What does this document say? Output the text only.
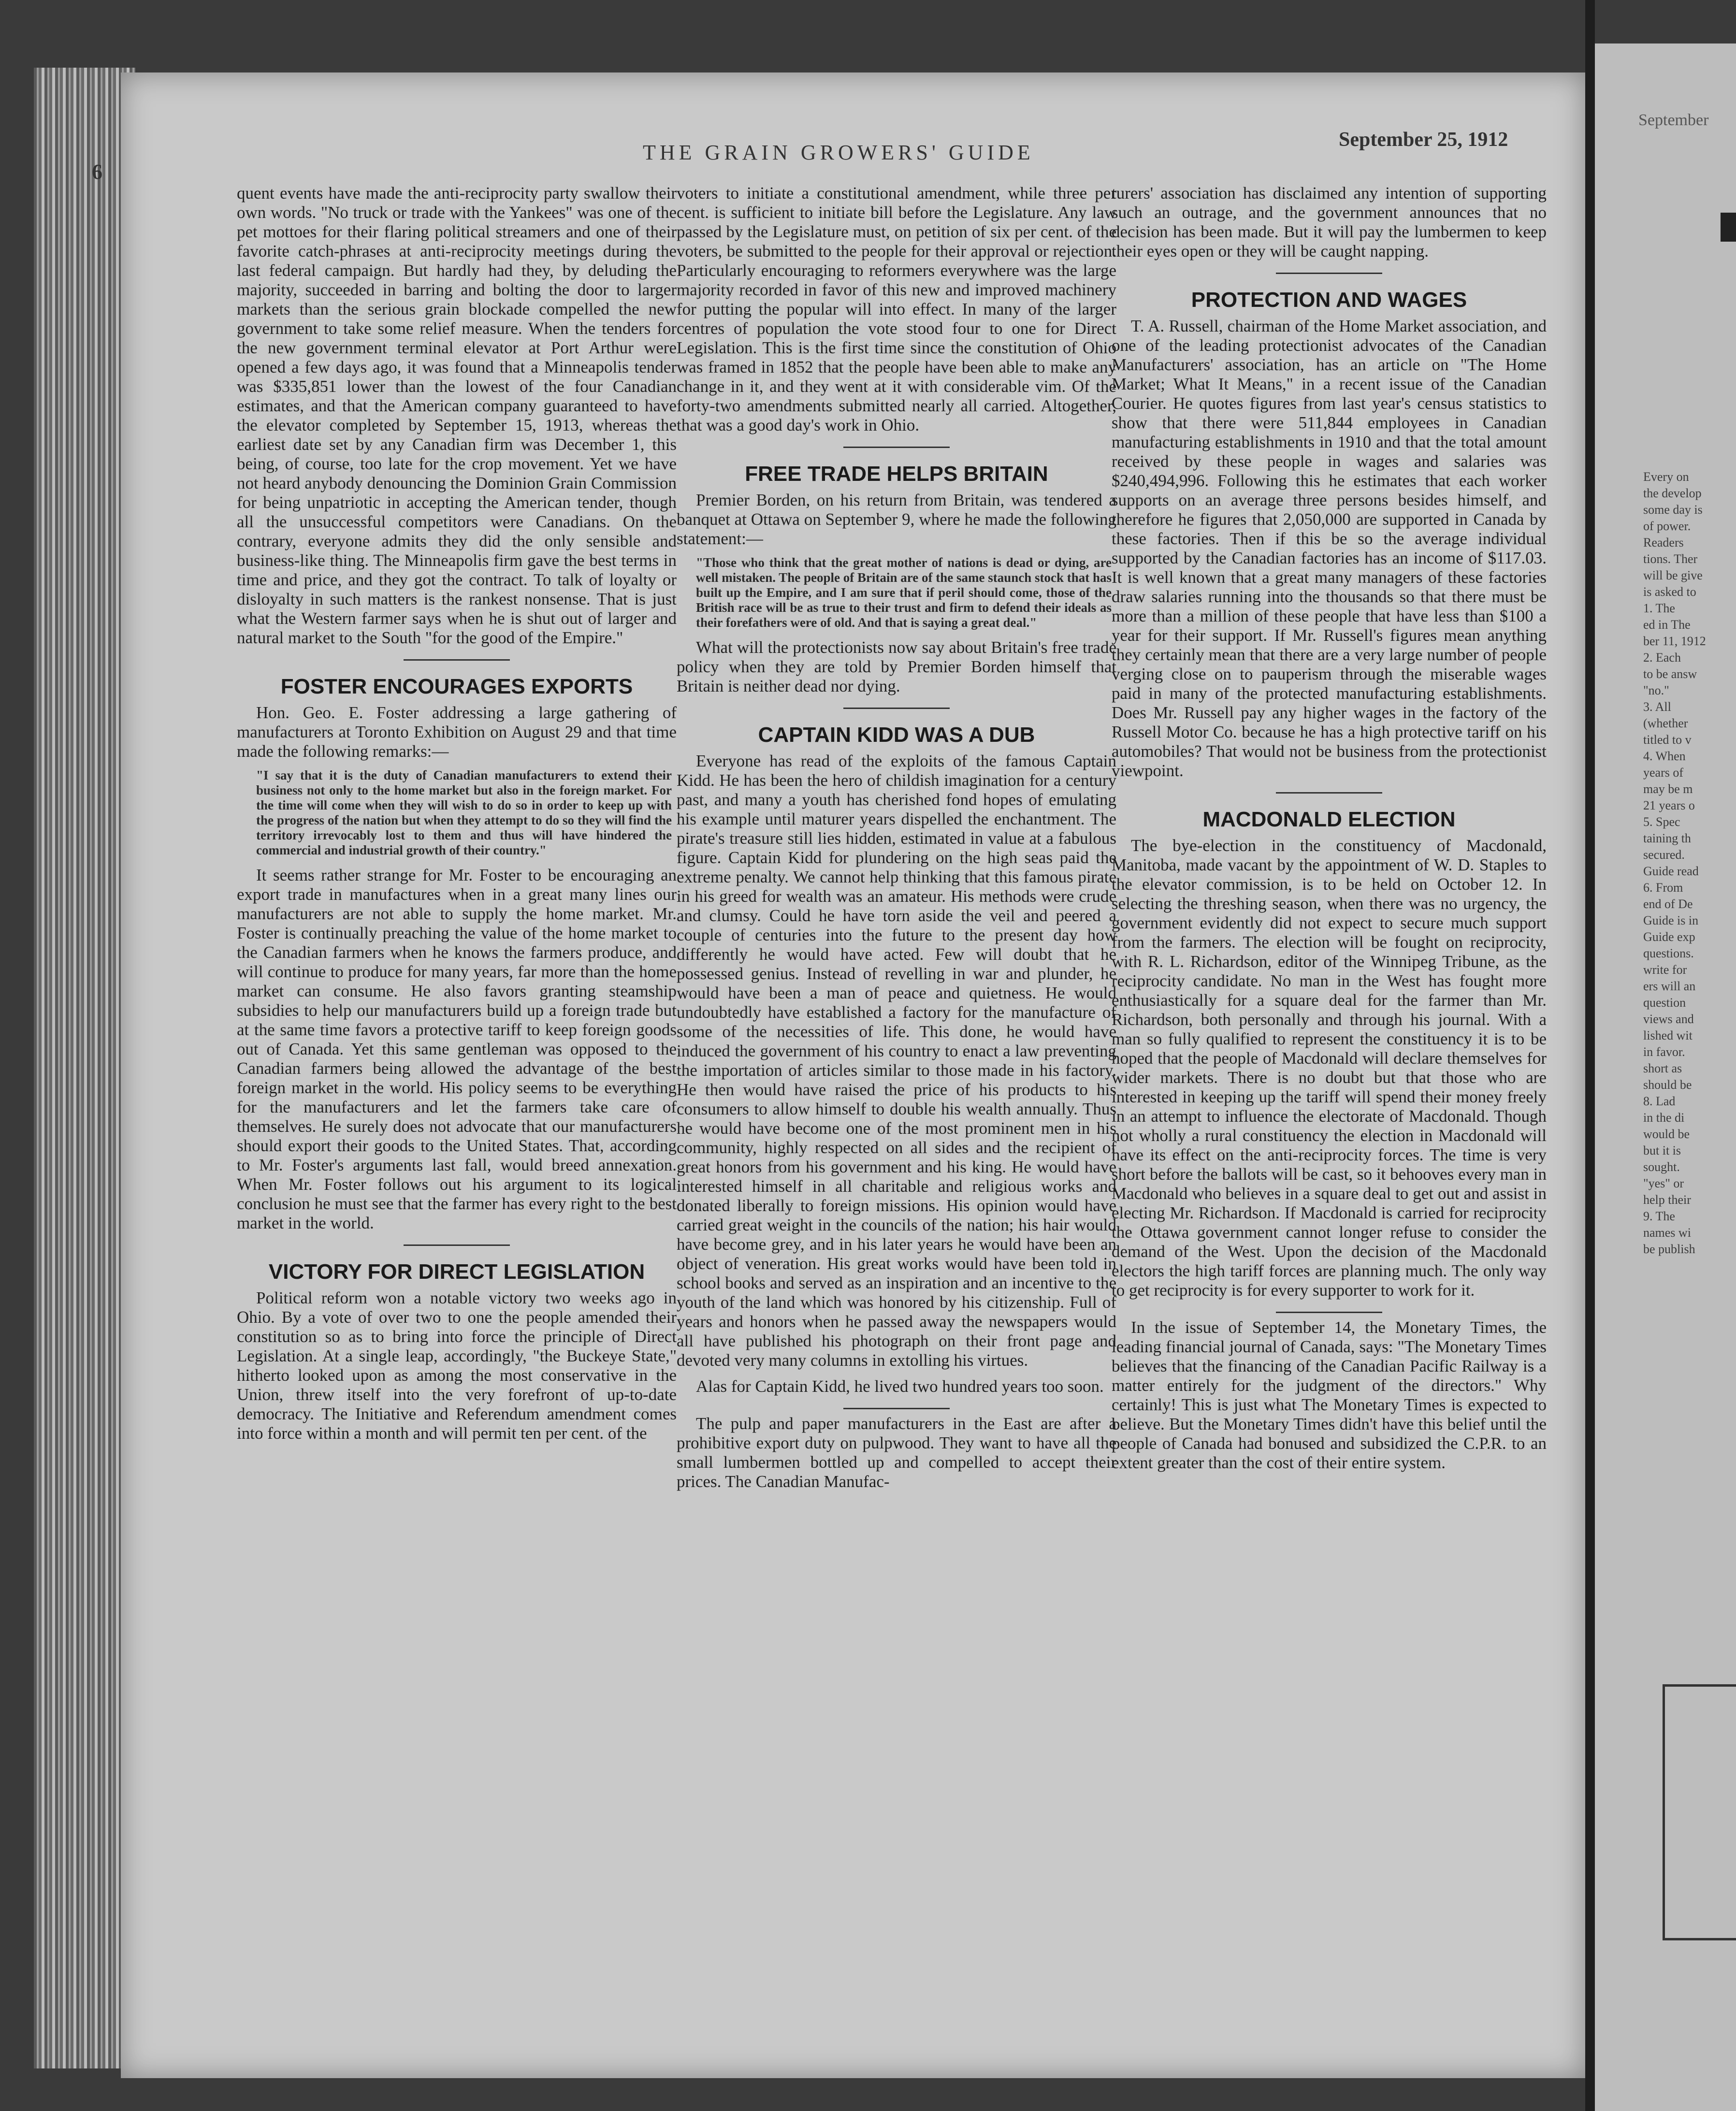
September
Every on
the develop
some day is
of power.
Readers
tions. Ther
will be give
is asked to
1. The
ed in The
ber 11, 1912
2. Each
to be answ
"no."
3. All
(whether
titled to v
4. When
years of
may be m
21 years o
5. Spec
taining th
secured.
Guide read
6. From
end of De
Guide is in
Guide exp
questions.
write for
ers will an
question
views and
lished wit
in favor.
short as
should be
8. Lad
in the di
would be
but it is
sought.
"yes" or
help their
9. The
names wi
be publish
6
THE GRAIN GROWERS' GUIDE
September 25, 1912

quent events have made the anti-reciprocity party swallow their own words. "No truck or trade with the Yankees" was one of the pet mottoes for their flaring political streamers and one of their favorite catch-phrases at anti-reciprocity meetings during the last federal campaign. But hardly had they, by deluding the majority, succeeded in barring and bolting the door to larger markets than the serious grain blockade compelled the new government to take some relief measure. When the tenders for the new government terminal elevator at Port Arthur were opened a few days ago, it was found that a Minneapolis tender was $335,851 lower than the lowest of the four Canadian estimates, and that the American company guaranteed to have the elevator completed by September 15, 1913, whereas the earliest date set by any Canadian firm was December 1, this being, of course, too late for the crop movement. Yet we have not heard anybody denouncing the Dominion Grain Commission for being unpatriotic in accepting the American tender, though all the unsuccessful competitors were Canadians. On the contrary, everyone admits they did the only sensible and business-like thing. The Minneapolis firm gave the best terms in time and price, and they got the contract. To talk of loyalty or disloyalty in such matters is the rankest nonsense. That is just what the Western farmer says when he is shut out of larger and natural market to the South "for the good of the Empire."

FOSTER ENCOURAGES EXPORTS

Hon. Geo. E. Foster addressing a large gathering of manufacturers at Toronto Exhibition on August 29 and that time made the following remarks:—

"I say that it is the duty of Canadian manufacturers to extend their business not only to the home market but also in the foreign market. For the time will come when they will wish to do so in order to keep up with the progress of the nation but when they attempt to do so they will find the territory irrevocably lost to them and thus will have hindered the commercial and industrial growth of their country."

It seems rather strange for Mr. Foster to be encouraging an export trade in manufactures when in a great many lines our manufacturers are not able to supply the home market. Mr. Foster is continually preaching the value of the home market to the Canadian farmers when he knows the farmers produce, and will continue to produce for many years, far more than the home market can consume. He also favors granting steamship subsidies to help our manufacturers build up a foreign trade but at the same time favors a protective tariff to keep foreign goods out of Canada. Yet this same gentleman was opposed to the Canadian farmers being allowed the advantage of the best foreign market in the world. His policy seems to be everything for the manufacturers and let the farmers take care of themselves. He surely does not advocate that our manufacturers should export their goods to the United States. That, according to Mr. Foster's arguments last fall, would breed annexation. When Mr. Foster follows out his argument to its logical conclusion he must see that the farmer has every right to the best market in the world.

VICTORY FOR DIRECT LEGISLATION

Political reform won a notable victory two weeks ago in Ohio. By a vote of over two to one the people amended their constitution so as to bring into force the principle of Direct Legislation. At a single leap, accordingly, "the Buckeye State," hitherto looked upon as among the most conservative in the Union, threw itself into the very forefront of up-to-date democracy. The Initiative and Referendum amendment comes into force within a month and will permit ten per cent. of the

voters to initiate a constitutional amendment, while three per cent. is sufficient to initiate bill before the Legislature. Any law passed by the Legislature must, on petition of six per cent. of the voters, be submitted to the people for their approval or rejection. Particularly encouraging to reformers everywhere was the large majority recorded in favor of this new and improved machinery for putting the popular will into effect. In many of the larger centres of population the vote stood four to one for Direct Legislation. This is the first time since the constitution of Ohio was framed in 1852 that the people have been able to make any change in it, and they went at it with considerable vim. Of the forty-two amendments submitted nearly all carried. Altogether, that was a good day's work in Ohio.

FREE TRADE HELPS BRITAIN

Premier Borden, on his return from Britain, was tendered a banquet at Ottawa on September 9, where he made the following statement:—

"Those who think that the great mother of nations is dead or dying, are well mistaken. The people of Britain are of the same staunch stock that has built up the Empire, and I am sure that if peril should come, those of the British race will be as true to their trust and firm to defend their ideals as their forefathers were of old. And that is saying a great deal."

What will the protectionists now say about Britain's free trade policy when they are told by Premier Borden himself that Britain is neither dead nor dying.

CAPTAIN KIDD WAS A DUB

Everyone has read of the exploits of the famous Captain Kidd. He has been the hero of childish imagination for a century past, and many a youth has cherished fond hopes of emulating his example until maturer years dispelled the enchantment. The pirate's treasure still lies hidden, estimated in value at a fabulous figure. Captain Kidd for plundering on the high seas paid the extreme penalty. We cannot help thinking that this famous pirate in his greed for wealth was an amateur. His methods were crude and clumsy. Could he have torn aside the veil and peered a couple of centuries into the future to the present day how differently he would have acted. Few will doubt that he possessed genius. Instead of revelling in war and plunder, he would have been a man of peace and quietness. He would undoubtedly have established a factory for the manufacture of some of the necessities of life. This done, he would have induced the government of his country to enact a law preventing the importation of articles similar to those made in his factory. He then would have raised the price of his products to his consumers to allow himself to double his wealth annually. Thus he would have become one of the most prominent men in his community, highly respected on all sides and the recipient of great honors from his government and his king. He would have interested himself in all charitable and religious works and donated liberally to foreign missions. His opinion would have carried great weight in the councils of the nation; his hair would have become grey, and in his later years he would have been an object of veneration. His great works would have been told in school books and served as an inspiration and an incentive to the youth of the land which was honored by his citizenship. Full of years and honors when he passed away the newspapers would all have published his photograph on their front page and devoted very many columns in extolling his virtues.

Alas for Captain Kidd, he lived two hundred years too soon.

The pulp and paper manufacturers in the East are after a prohibitive export duty on pulpwood. They want to have all the small lumbermen bottled up and compelled to accept their prices. The Canadian Manufac-

turers' association has disclaimed any intention of supporting such an outrage, and the government announces that no decision has been made. But it will pay the lumbermen to keep their eyes open or they will be caught napping.

PROTECTION AND WAGES

T. A. Russell, chairman of the Home Market association, and one of the leading protectionist advocates of the Canadian Manufacturers' association, has an article on "The Home Market; What It Means," in a recent issue of the Canadian Courier. He quotes figures from last year's census statistics to show that there were 511,844 employees in Canadian manufacturing establishments in 1910 and that the total amount received by these people in wages and salaries was $240,494,996. Following this he estimates that each worker supports on an average three persons besides himself, and therefore he figures that 2,050,000 are supported in Canada by these factories. Then if this be so the average individual supported by the Canadian factories has an income of $117.03. It is well known that a great many managers of these factories draw salaries running into the thousands so that there must be more than a million of these people that have less than $100 a year for their support. If Mr. Russell's figures mean anything they certainly mean that there are a very large number of people verging close on to pauperism through the miserable wages paid in many of the protected manufacturing establishments. Does Mr. Russell pay any higher wages in the factory of the Russell Motor Co. because he has a high protective tariff on his automobiles? That would not be business from the protectionist viewpoint.

MACDONALD ELECTION

The bye-election in the constituency of Macdonald, Manitoba, made vacant by the appointment of W. D. Staples to the elevator commission, is to be held on October 12. In selecting the threshing season, when there was no urgency, the government evidently did not expect to secure much support from the farmers. The election will be fought on reciprocity, with R. L. Richardson, editor of the Winnipeg Tribune, as the reciprocity candidate. No man in the West has fought more enthusiastically for a square deal for the farmer than Mr. Richardson, both personally and through his journal. With a man so fully qualified to represent the constituency it is to be hoped that the people of Macdonald will declare themselves for wider markets. There is no doubt but that those who are interested in keeping up the tariff will spend their money freely in an attempt to influence the electorate of Macdonald. Though not wholly a rural constituency the election in Macdonald will have its effect on the anti-reciprocity forces. The time is very short before the ballots will be cast, so it behooves every man in Macdonald who believes in a square deal to get out and assist in electing Mr. Richardson. If Macdonald is carried for reciprocity the Ottawa government cannot longer refuse to consider the demand of the West. Upon the decision of the Macdonald electors the high tariff forces are planning much. The only way to get reciprocity is for every supporter to work for it.

In the issue of September 14, the Monetary Times, the leading financial journal of Canada, says: "The Monetary Times believes that the financing of the Canadian Pacific Railway is a matter entirely for the judgment of the directors." Why certainly! This is just what The Monetary Times is expected to believe. But the Monetary Times didn't have this belief until the people of Canada had bonused and subsidized the C.P.R. to an extent greater than the cost of their entire system.
